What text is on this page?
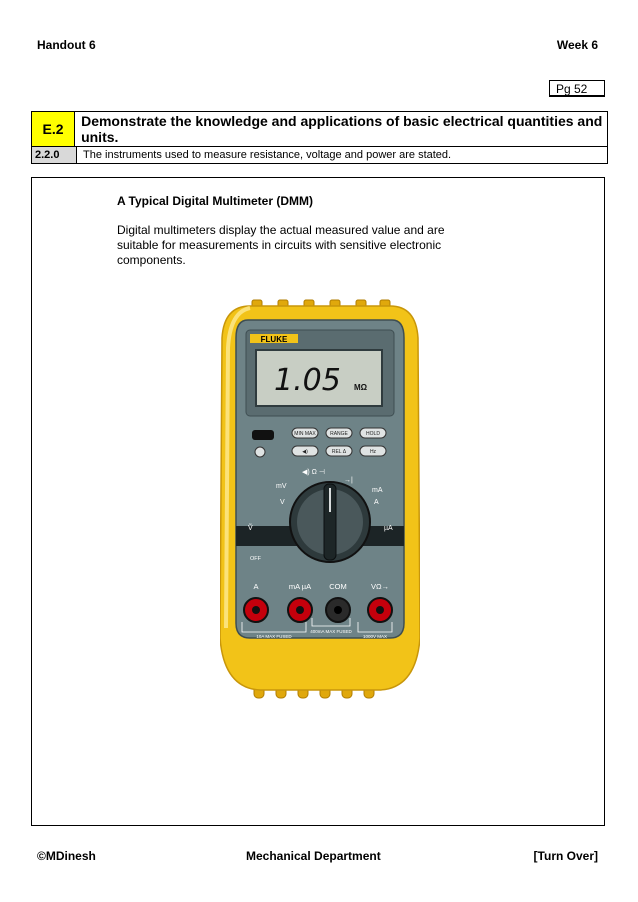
Handout 6	Week 6
Pg 52
E.2	Demonstrate the knowledge and applications of basic electrical quantities and units.
2.2.0	The instruments used to measure resistance, voltage and power are stated.
A Typical Digital Multimeter (DMM)
Digital multimeters display the actual measured value and are suitable for measurements in circuits with sensitive electronic components.
FLUKE
1.05 MΩ
MIN MAX	RANGE	HOLD
◀)	REL Δ	Hz
◀) Ω ⊣
→|
mV
V
mA
A
Ṽ	µA
OFF
A	mA µA COM	VΩ→
10A MAX FUSED
400mA MAX FUSED
1000V MAX
©MDinesh	Mechanical Department	[Turn Over]
